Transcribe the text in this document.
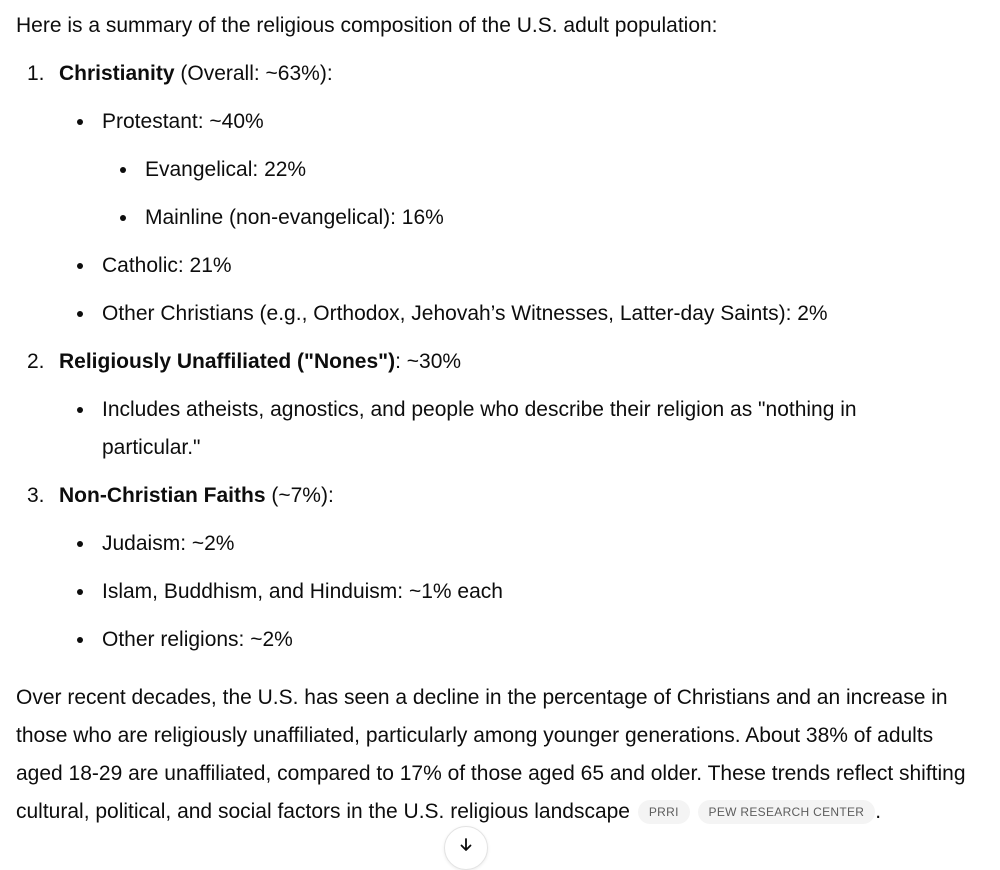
Here is a summary of the religious composition of the U.S. adult population:

1. Christianity (Overall: ~63%):
Protestant: ~40%
Evangelical: 22%
Mainline (non-evangelical): 16%
Catholic: 21%
Other Christians (e.g., Orthodox, Jehovah’s Witnesses, Latter-day Saints): 2%
2. Religiously Unaffiliated ("Nones"): ~30%
Includes atheists, agnostics, and people who describe their religion as "nothing in particular."
3. Non-Christian Faiths (~7%):
Judaism: ~2%
Islam, Buddhism, and Hinduism: ~1% each
Other religions: ~2%

Over recent decades, the U.S. has seen a decline in the percentage of Christians and an increase in those who are religiously unaffiliated, particularly among younger generations. About 38% of adults aged 18-29 are unaffiliated, compared to 17% of those aged 65 and older. These trends reflect shifting cultural, political, and social factors in the U.S. religious landscape PRRI PEW RESEARCH CENTER .
